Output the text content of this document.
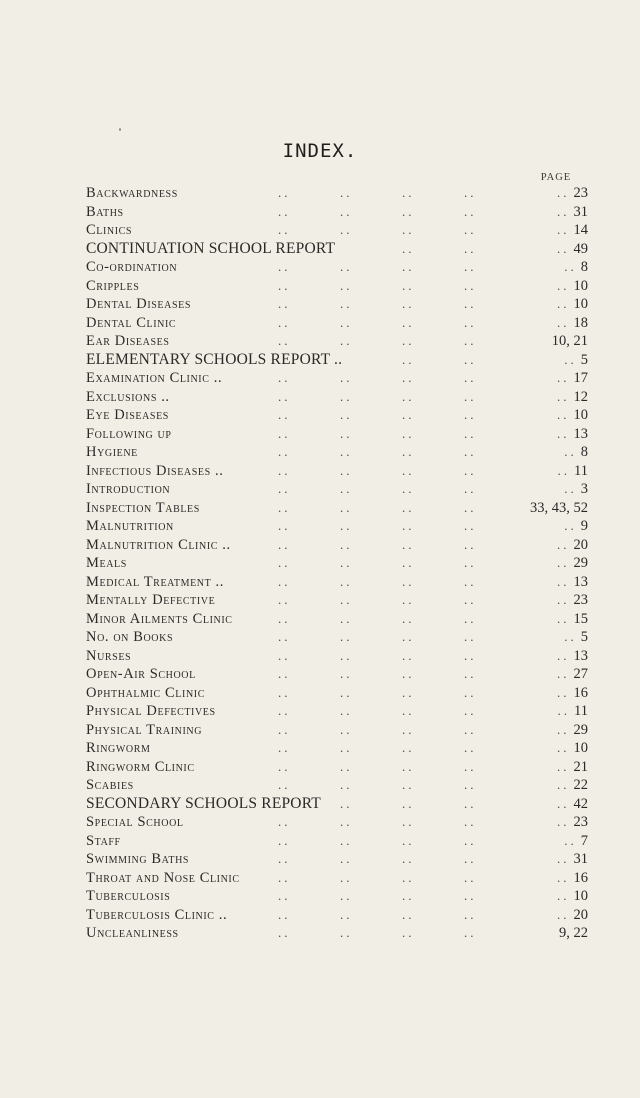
INDEX.
PAGE
..	..	..	..
Backwardness	.. 23
..	..	..	..
Baths	.. 31
..	..	..	..
Clinics	.. 14
..	..
CONTINUATION SCHOOL REPORT	.. 49
..	..	..	..
Co-ordination	.. 8
..	..	..	..
Cripples	.. 10
..	..	..	..
Dental Diseases	.. 10
..	..	..	..
Dental Clinic	.. 18
..	..	..	..
Ear Diseases	10, 21
..	..
ELEMENTARY SCHOOLS REPORT ..	.. 5
..	..	..	..
Examination Clinic ..	.. 17
..	..	..	..
Exclusions ..	.. 12
..	..	..	..
Eye Diseases	.. 10
..	..	..	..
Following up	.. 13
..	..	..	..
Hygiene	.. 8
..	..	..	..
Infectious Diseases ..	.. 11
..	..	..	..
Introduction	.. 3
..	..	..	..
Inspection Tables	33, 43, 52
..	..	..	..
Malnutrition	.. 9
..	..	..	..
Malnutrition Clinic ..	.. 20
..	..	..	..
Meals	.. 29
..	..	..	..
Medical Treatment ..	.. 13
..	..	..	..
Mentally Defective	.. 23
..	..	..	..
Minor Ailments Clinic	.. 15
..	..	..	..
No. on Books	.. 5
..	..	..	..
Nurses	.. 13
..	..	..	..
Open-Air School	.. 27
..	..	..	..
Ophthalmic Clinic	.. 16
..	..	..	..
Physical Defectives	.. 11
..	..	..	..
Physical Training	.. 29
..	..	..	..
Ringworm	.. 10
..	..	..	..
Ringworm Clinic	.. 21
..	..	..	..
Scabies	.. 22
..	..	..
SECONDARY SCHOOLS REPORT	.. 42
..	..	..	..
Special School	.. 23
..	..	..	..
Staff	.. 7
..	..	..	..
Swimming Baths	.. 31
..	..	..	..
Throat and Nose Clinic	.. 16
..	..	..	..
Tuberculosis	.. 10
..	..	..	..
Tuberculosis Clinic ..	.. 20
..	..	..	..
Uncleanliness	9, 22
